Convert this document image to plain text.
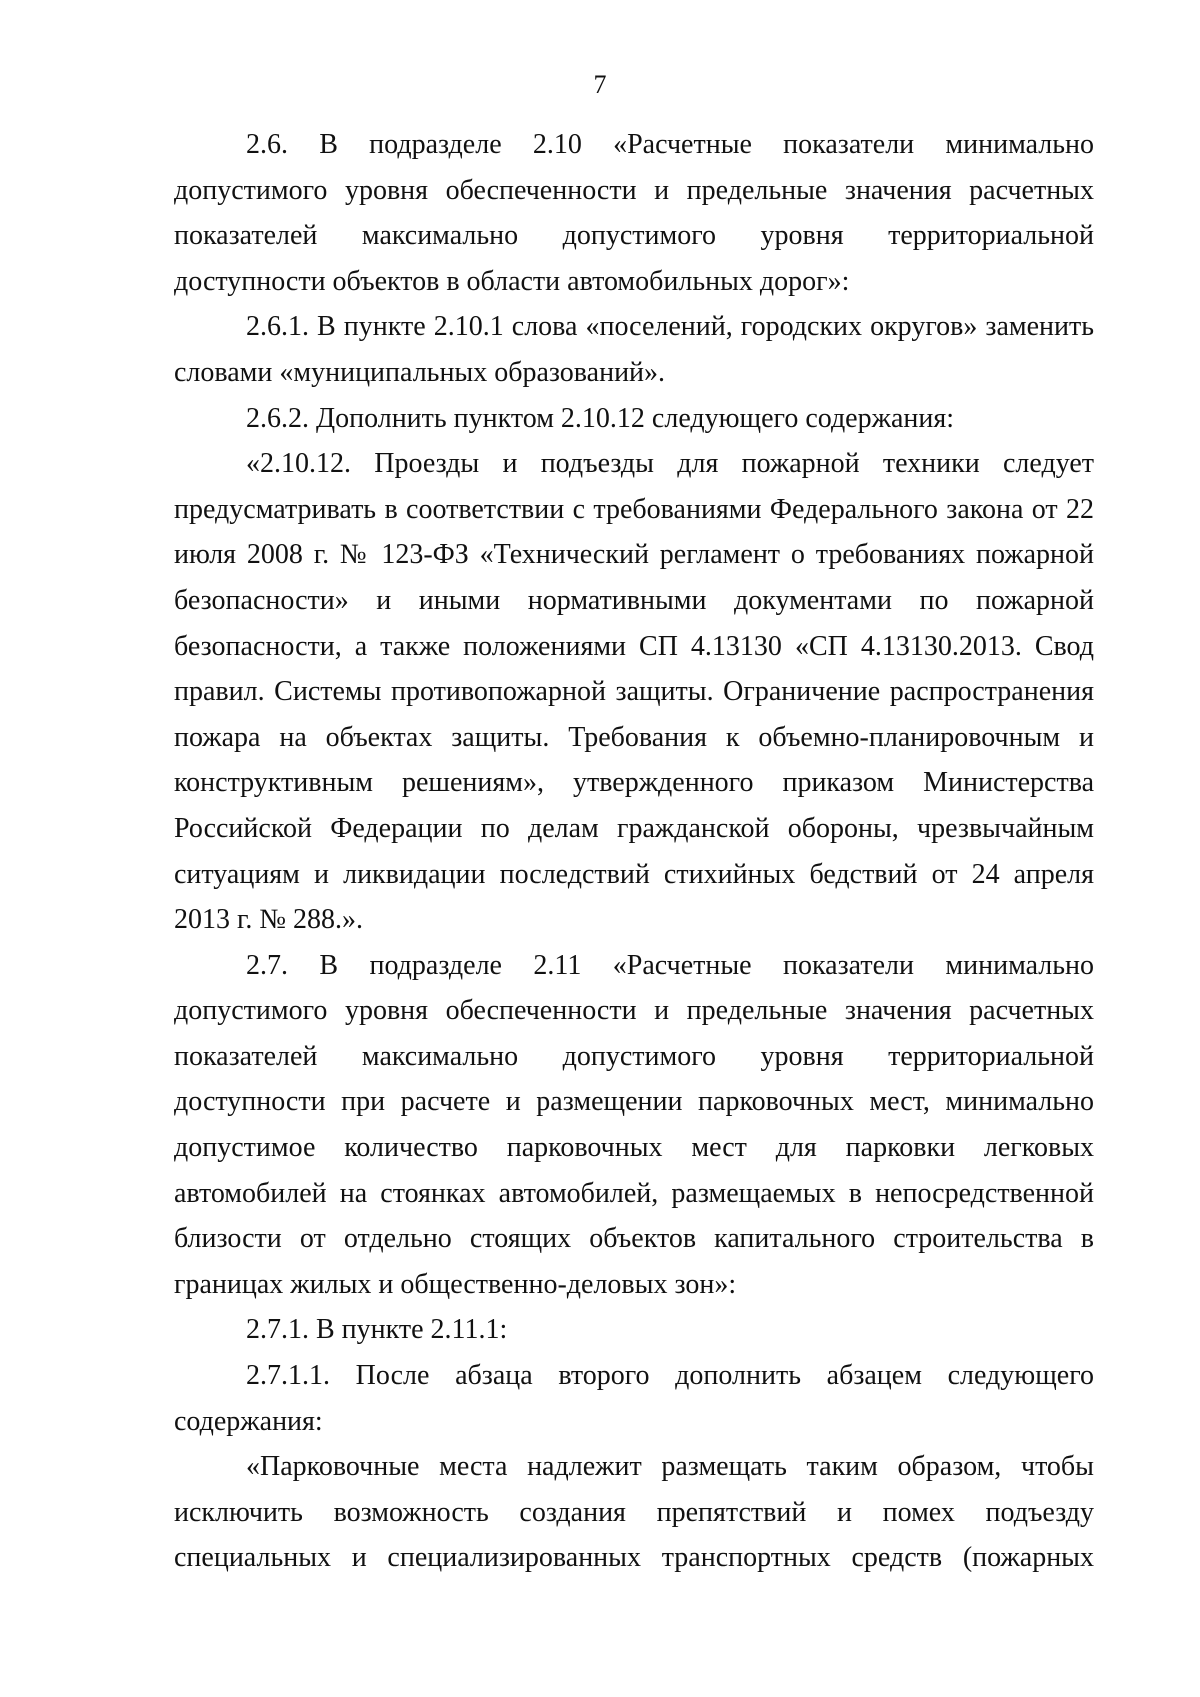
7

2.6. В подразделе 2.10 «Расчетные показатели минимально допустимого уровня обеспеченности и предельные значения расчетных показателей максимально допустимого уровня территориальной доступности объектов в области автомобильных дорог»:

2.6.1. В пункте 2.10.1 слова «поселений, городских округов» заменить словами «муниципальных образований».

2.6.2. Дополнить пунктом 2.10.12 следующего содержания:

«2.10.12. Проезды и подъезды для пожарной техники следует предусматривать в соответствии с требованиями Федерального закона от 22 июля 2008 г. № 123-ФЗ «Технический регламент о требованиях пожарной безопасности» и иными нормативными документами по пожарной безопасности, а также положениями СП 4.13130 «СП 4.13130.2013. Свод правил. Системы противопожарной защиты. Ограничение распространения пожара на объектах защиты. Требования к объемно-планировочным и конструктивным решениям», утвержденного приказом Министерства Российской Федерации по делам гражданской обороны, чрезвычайным ситуациям и ликвидации последствий стихийных бедствий от 24 апреля 2013 г. № 288.».

2.7. В подразделе 2.11 «Расчетные показатели минимально допустимого уровня обеспеченности и предельные значения расчетных показателей максимально допустимого уровня территориальной доступности при расчете и размещении парковочных мест, минимально допустимое количество парковочных мест для парковки легковых автомобилей на стоянках автомобилей, размещаемых в непосредственной близости от отдельно стоящих объектов капитального строительства в границах жилых и общественно-деловых зон»:

2.7.1. В пункте 2.11.1:

2.7.1.1. После абзаца второго дополнить абзацем следующего содержания:

«Парковочные места надлежит размещать таким образом, чтобы исключить возможность создания препятствий и помех подъезду специальных и специализированных транспортных средств (пожарных
